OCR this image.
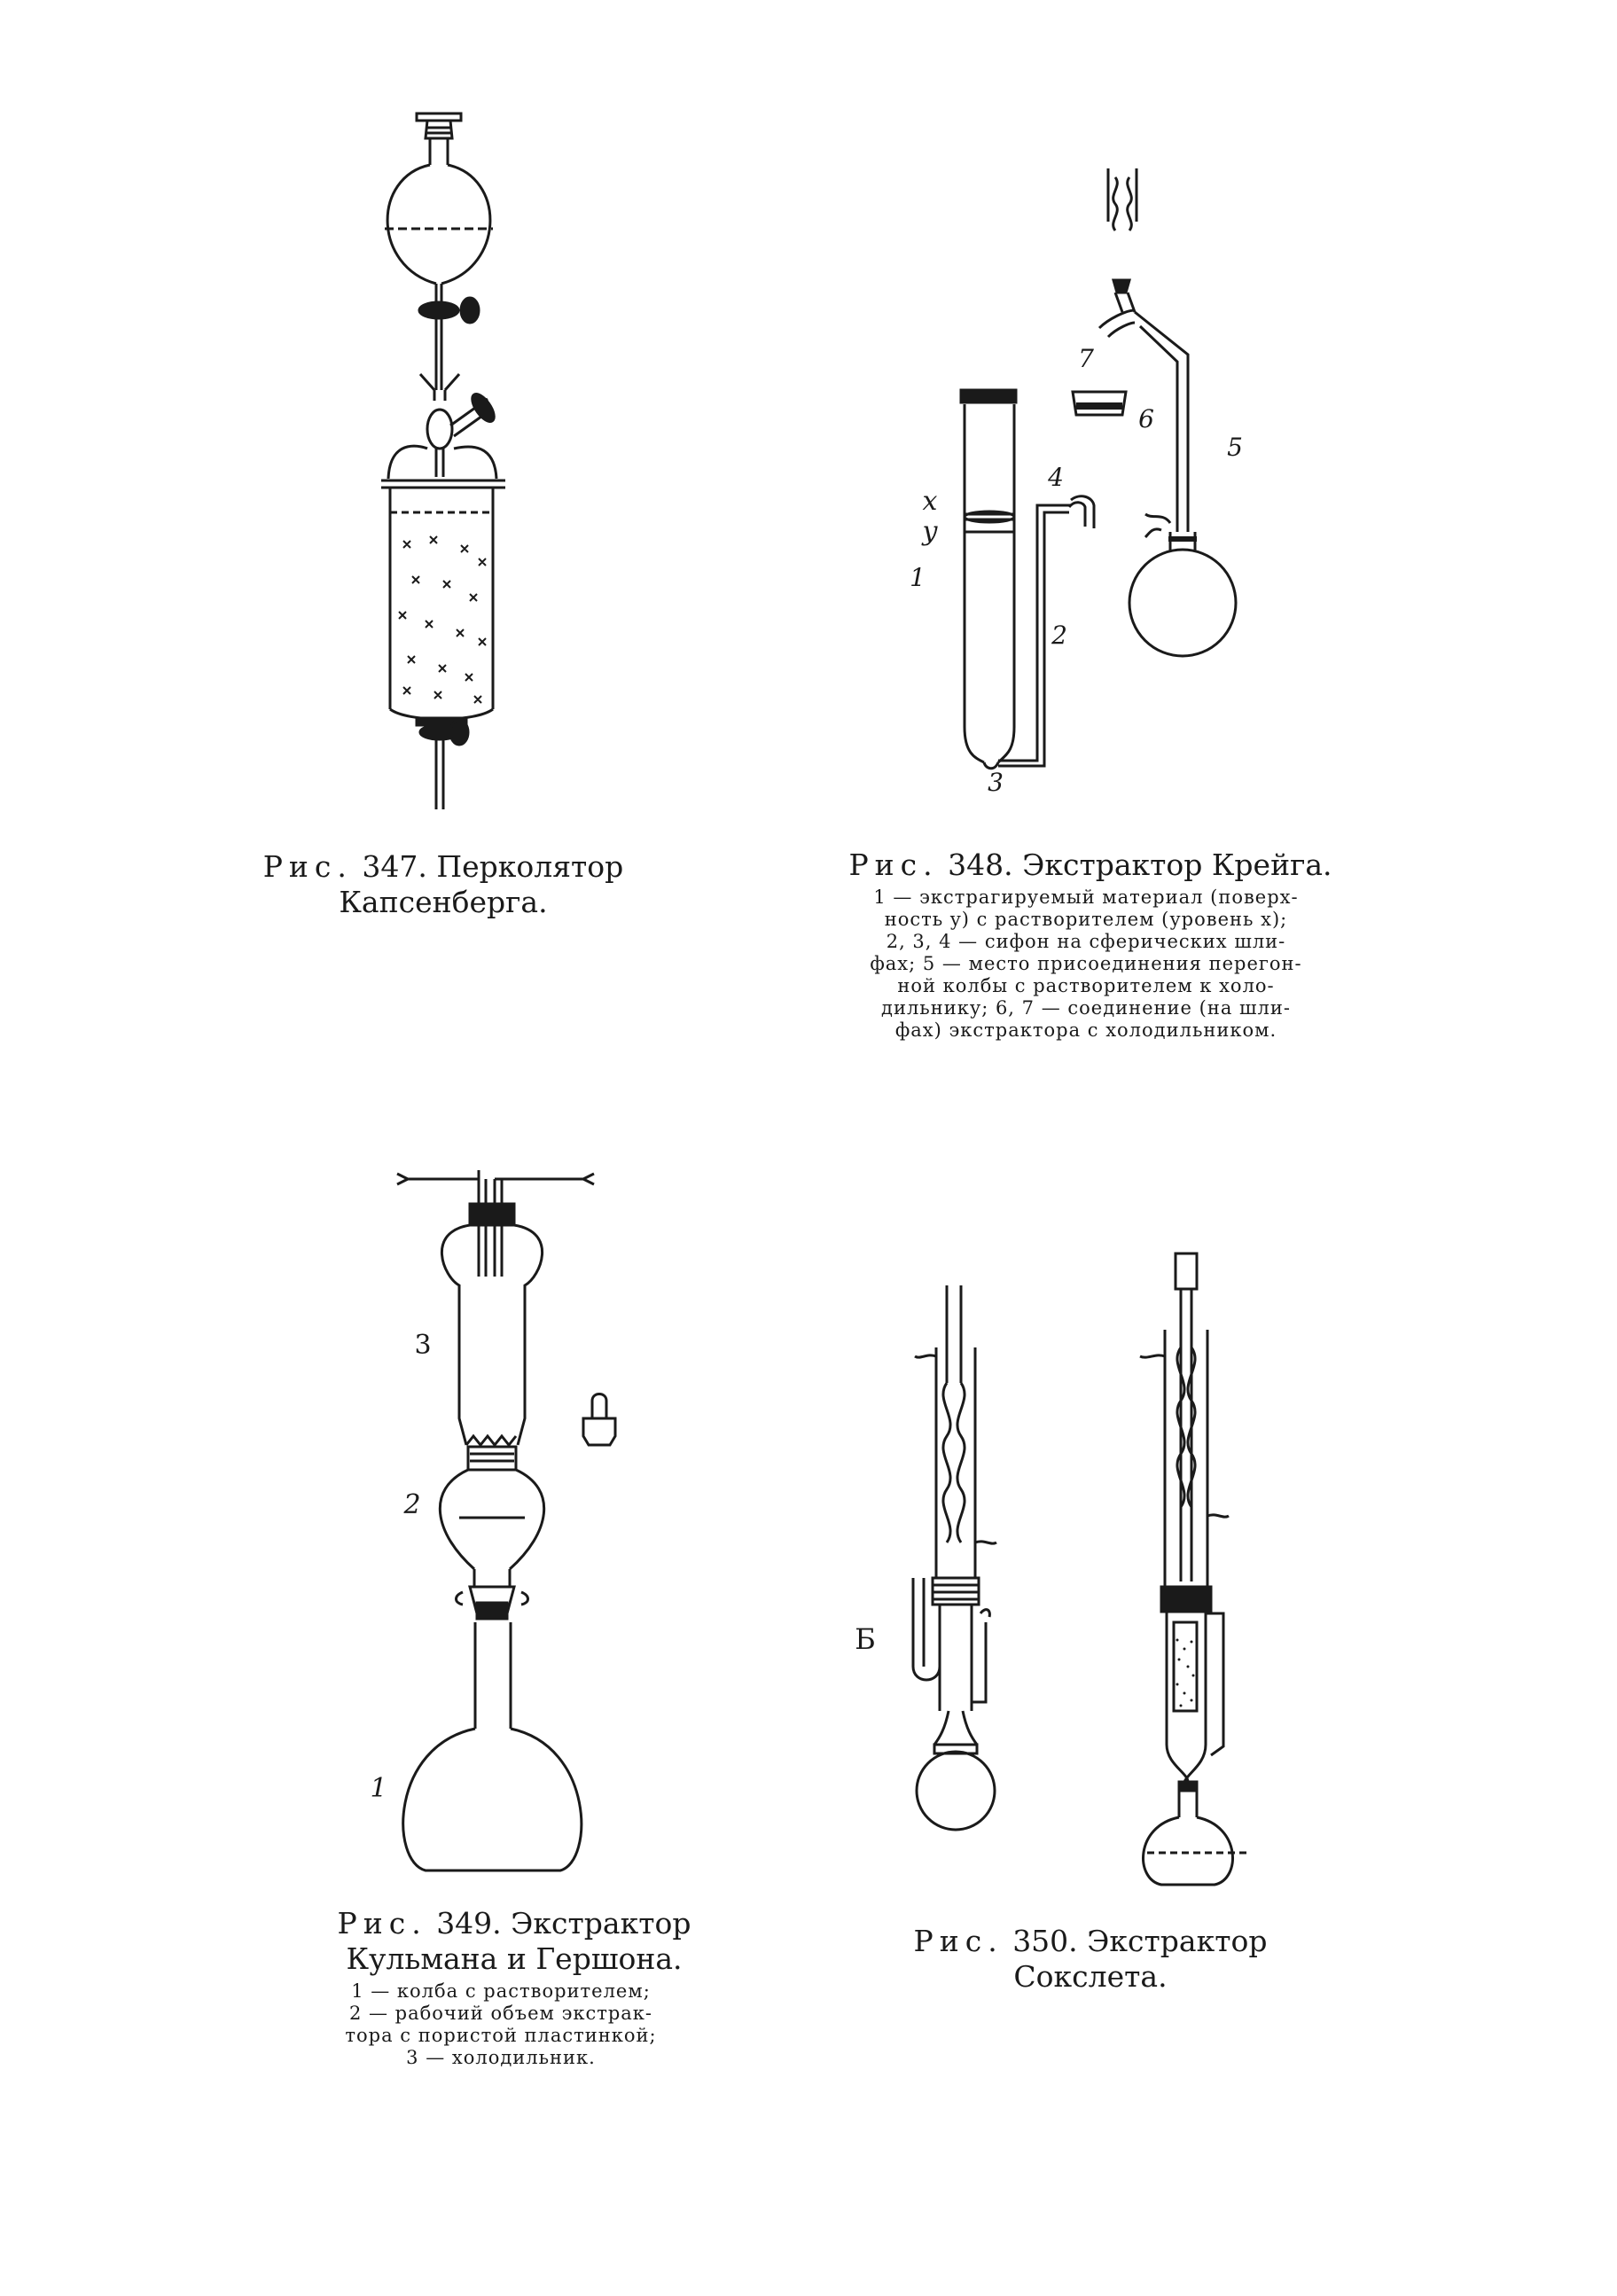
Рис. 347. Перколятор
Капсенберга.
x
y
1
2
3
4
5
6
7
Рис. 348. Экстрактор Крейга.

1 — экстрагируемый материал (поверх-

ность y) с растворителем (уровень x);

2, 3, 4 — сифон на сферических шли-

фах; 5 — место присоединения перегон-

ной колбы с растворителем к холо-

дильнику; 6, 7 — соединение (на шли-

фах) экстрактора с холодильником.

3
2
1
Рис. 349. Экстрактор
Кульмана и Гершона.

1 — колба с растворителем;

2 — рабочий объем экстрак-

тора с пористой пластинкой;

3 — холодильник.

Б
Рис. 350. Экстрактор
Сокслета.
